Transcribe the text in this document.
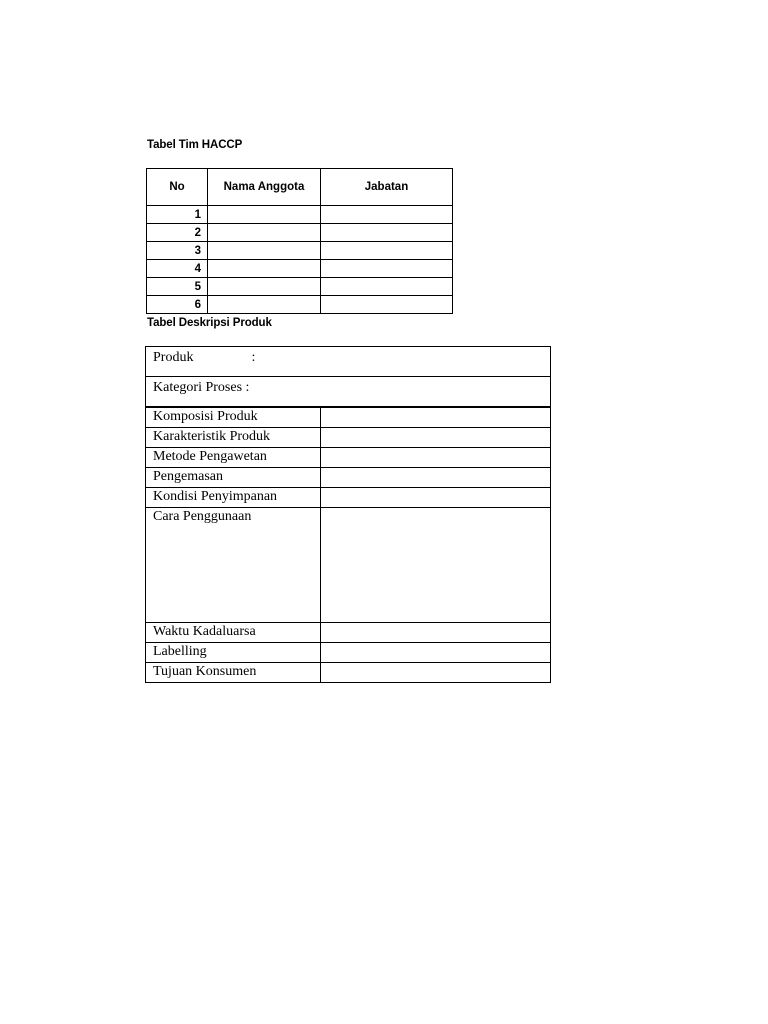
Tabel Tim HACCP
No	Nama Anggota	Jabatan
1		
2		
3		
4		
5		
6		
Tabel Deskripsi Produk
Produk :	
Kategori Proses :	
Komposisi Produk	
Karakteristik Produk	
Metode Pengawetan	
Pengemasan	
Kondisi Penyimpanan	
Cara Penggunaan	
Waktu Kadaluarsa	
Labelling	
Tujuan Konsumen	
